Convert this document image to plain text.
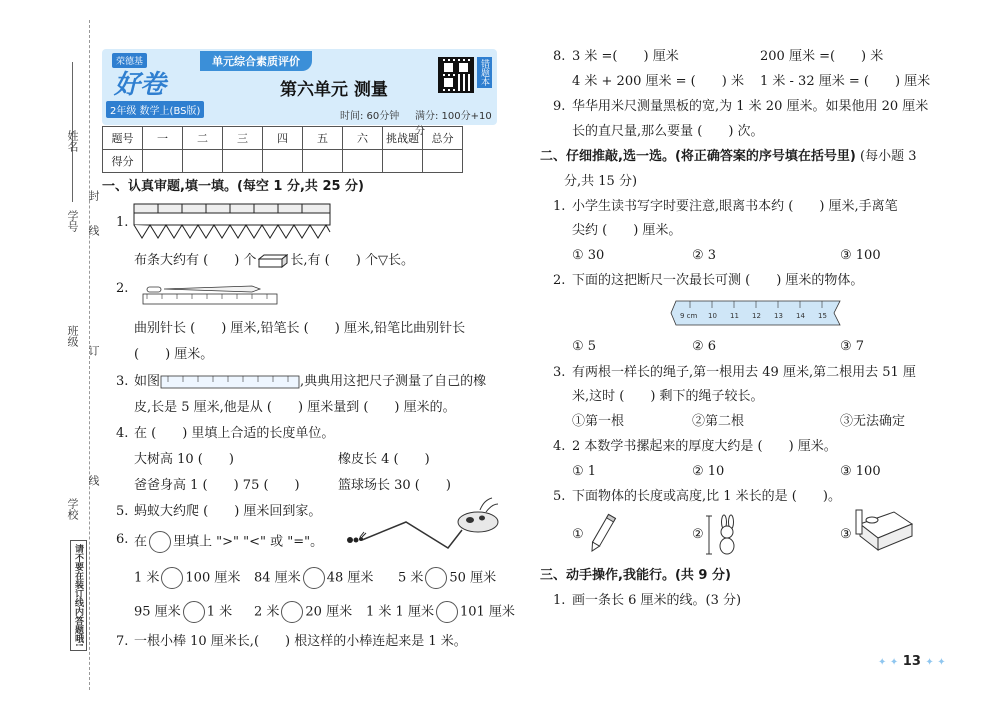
姓名
封
学号 线
班级
订
线
学校
请不要在装订线内答题哦!
荣德基
好卷
2年级 数学上(BS版)
单元综合素质评价
第六单元 测量
时间: 60分钟 满分: 100分+10分
错题本
题号	一	二	三	四	五	六	挑战题	总分
得分								
一、认真审题,填一填。(每空 1 分,共 25 分)
1.
布条大约有 (　　) 个	长,有 (　　) 个▽长。
2.
曲别针长 (　　) 厘米,铅笔长 (　　) 厘米,铅笔比曲别针长
(　　) 厘米。
3. 如图	,典典用这把尺子测量了自己的橡
皮,长是 5 厘米,他是从 (　　) 厘米量到 (　　) 厘米的。
4. 在 (　　) 里填上合适的长度单位。
大树高 10 (　　)	橡皮长 4 (　　)
爸爸身高 1 (　　) 75 (　　)	篮球场长 30 (　　)
5. 蚂蚁大约爬 (　　) 厘米回到家。
6. 在 里填上 ">" "<" 或 "="。
1 米 100 厘米 84 厘米 48 厘米 5 米 50 厘米
95 厘米 1 米 2 米 20 厘米 1 米 1 厘米 101 厘米
7. 一根小棒 10 厘米长,(　　) 根这样的小棒连起来是 1 米。
8. 3 米 =(　　) 厘米	200 厘米 =(　　) 米
4 米 + 200 厘米 = (　　) 米 1 米 - 32 厘米 = (　　) 厘米
9. 华华用米尺测量黑板的宽,为 1 米 20 厘米。如果他用 20 厘米
长的直尺量,那么要量 (　　) 次。
二、仔细推敲,选一选。(将正确答案的序号填在括号里) (每小题 3
分,共 15 分)
1. 小学生读书写字时要注意,眼离书本约 (　　) 厘米,手离笔
尖约 (　　) 厘米。
① 30	② 3	③ 100
2. 下面的这把断尺一次最长可测 (　　) 厘米的物体。
9 cm 10 11 12 13 14 15
① 5	② 6	③ 7
3. 有两根一样长的绳子,第一根用去 49 厘米,第二根用去 51 厘
米,这时 (　　) 剩下的绳子较长。
①第一根	②第二根	③无法确定
4. 2 本数学书摞起来的厚度大约是 (　　) 厘米。
① 1	② 10	③ 100
5. 下面物体的长度或高度,比 1 米长的是 (　　)。
①	②	③
三、动手操作,我能行。(共 9 分)
1. 画一条长 6 厘米的线。(3 分)
✦ ✦ 13 ✦ ✦
